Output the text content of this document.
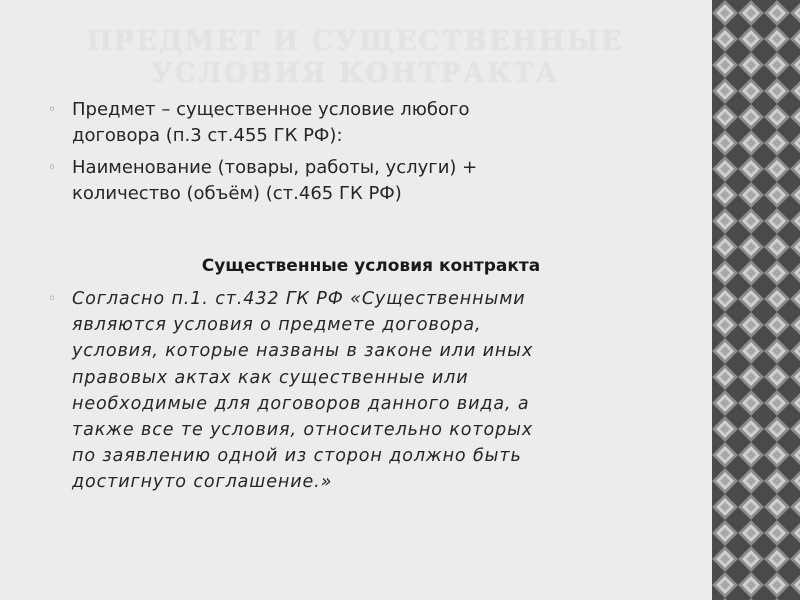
ПРЕДМЕТ И СУЩЕСТВЕННЫЕ
УСЛОВИЯ КОНТРАКТА
◦ Предмет – существенное условие любого
договора (п.3 ст.455 ГК РФ):
◦ Наименование (товары, работы, услуги) +
количество (объём) (ст.465 ГК РФ)
Существенные условия контракта
◦ Согласно п.1. ст.432 ГК РФ «Существенными
являются условия о предмете договора,
условия, которые названы в законе или иных
правовых актах как существенные или
необходимые для договоров данного вида, а
также все те условия, относительно которых
по заявлению одной из сторон должно быть
достигнуто соглашение.»
